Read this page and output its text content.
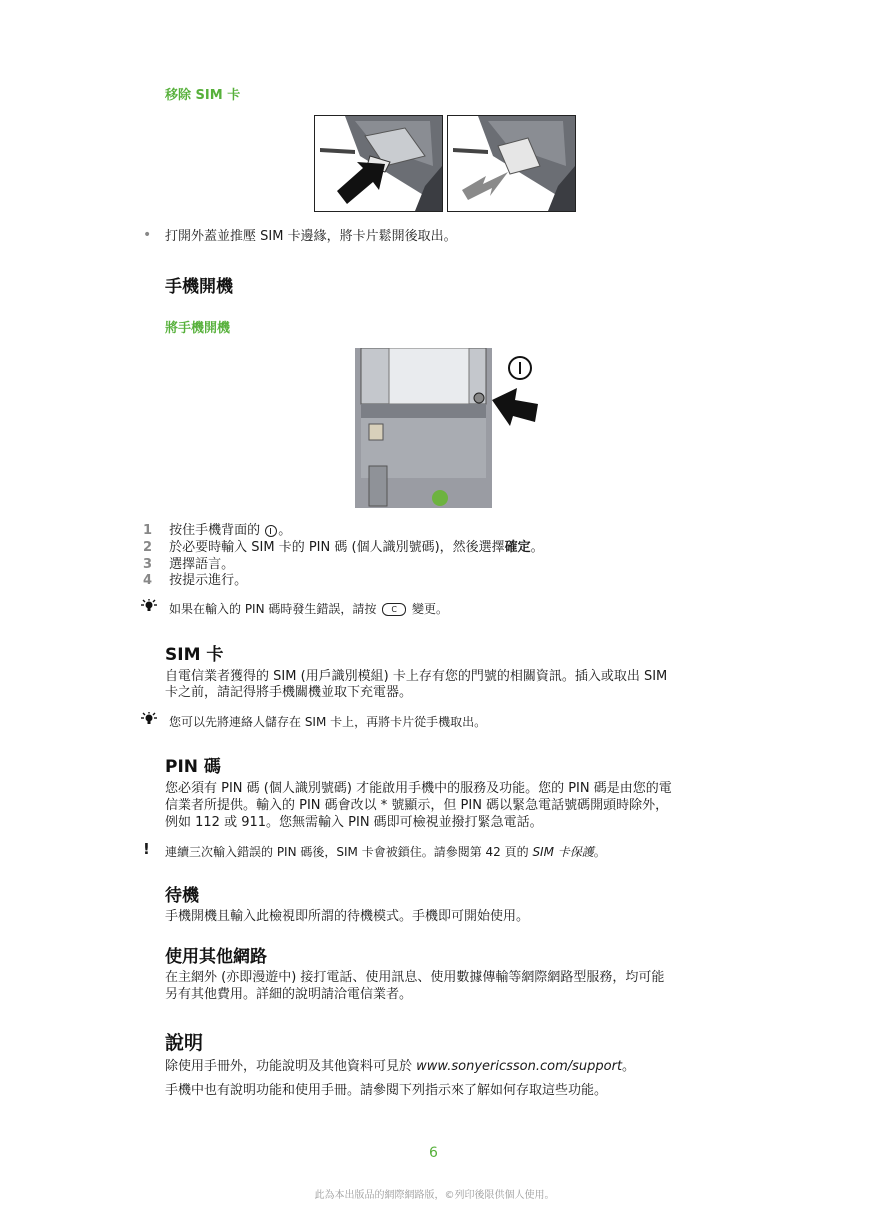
移除 SIM 卡
• 打開外蓋並推壓 SIM 卡邊緣，將卡片鬆開後取出。
手機開機
將手機開機
1 按住手機背面的 。
2 於必要時輸入 SIM 卡的 PIN 碼 (個人識別號碼)，然後選擇確定。
3 選擇語言。
4 按提示進行。
如果在輸入的 PIN 碼時發生錯誤，請按 C 變更。
SIM 卡
自電信業者獲得的 SIM (用戶識別模組) 卡上存有您的門號的相關資訊。插入或取出 SIM
卡之前，請記得將手機關機並取下充電器。
您可以先將連絡人儲存在 SIM 卡上，再將卡片從手機取出。
PIN 碼
您必須有 PIN 碼 (個人識別號碼) 才能啟用手機中的服務及功能。您的 PIN 碼是由您的電
信業者所提供。輸入的 PIN 碼會改以 * 號顯示，但 PIN 碼以緊急電話號碼開頭時除外，
例如 112 或 911。您無需輸入 PIN 碼即可檢視並撥打緊急電話。
! 連續三次輸入錯誤的 PIN 碼後，SIM 卡會被鎖住。請參閱第 42 頁的 SIM 卡保護。
待機
手機開機且輸入此檢視即所謂的待機模式。手機即可開始使用。
使用其他網路
在主網外 (亦即漫遊中) 接打電話、使用訊息、使用數據傳輸等網際網路型服務，均可能
另有其他費用。詳細的說明請洽電信業者。
說明
除使用手冊外，功能說明及其他資料可見於 www.sonyericsson.com/support。
手機中也有說明功能和使用手冊。請參閱下列指示來了解如何存取這些功能。
6
此為本出版品的網際網路版，©列印後限供個人使用。
